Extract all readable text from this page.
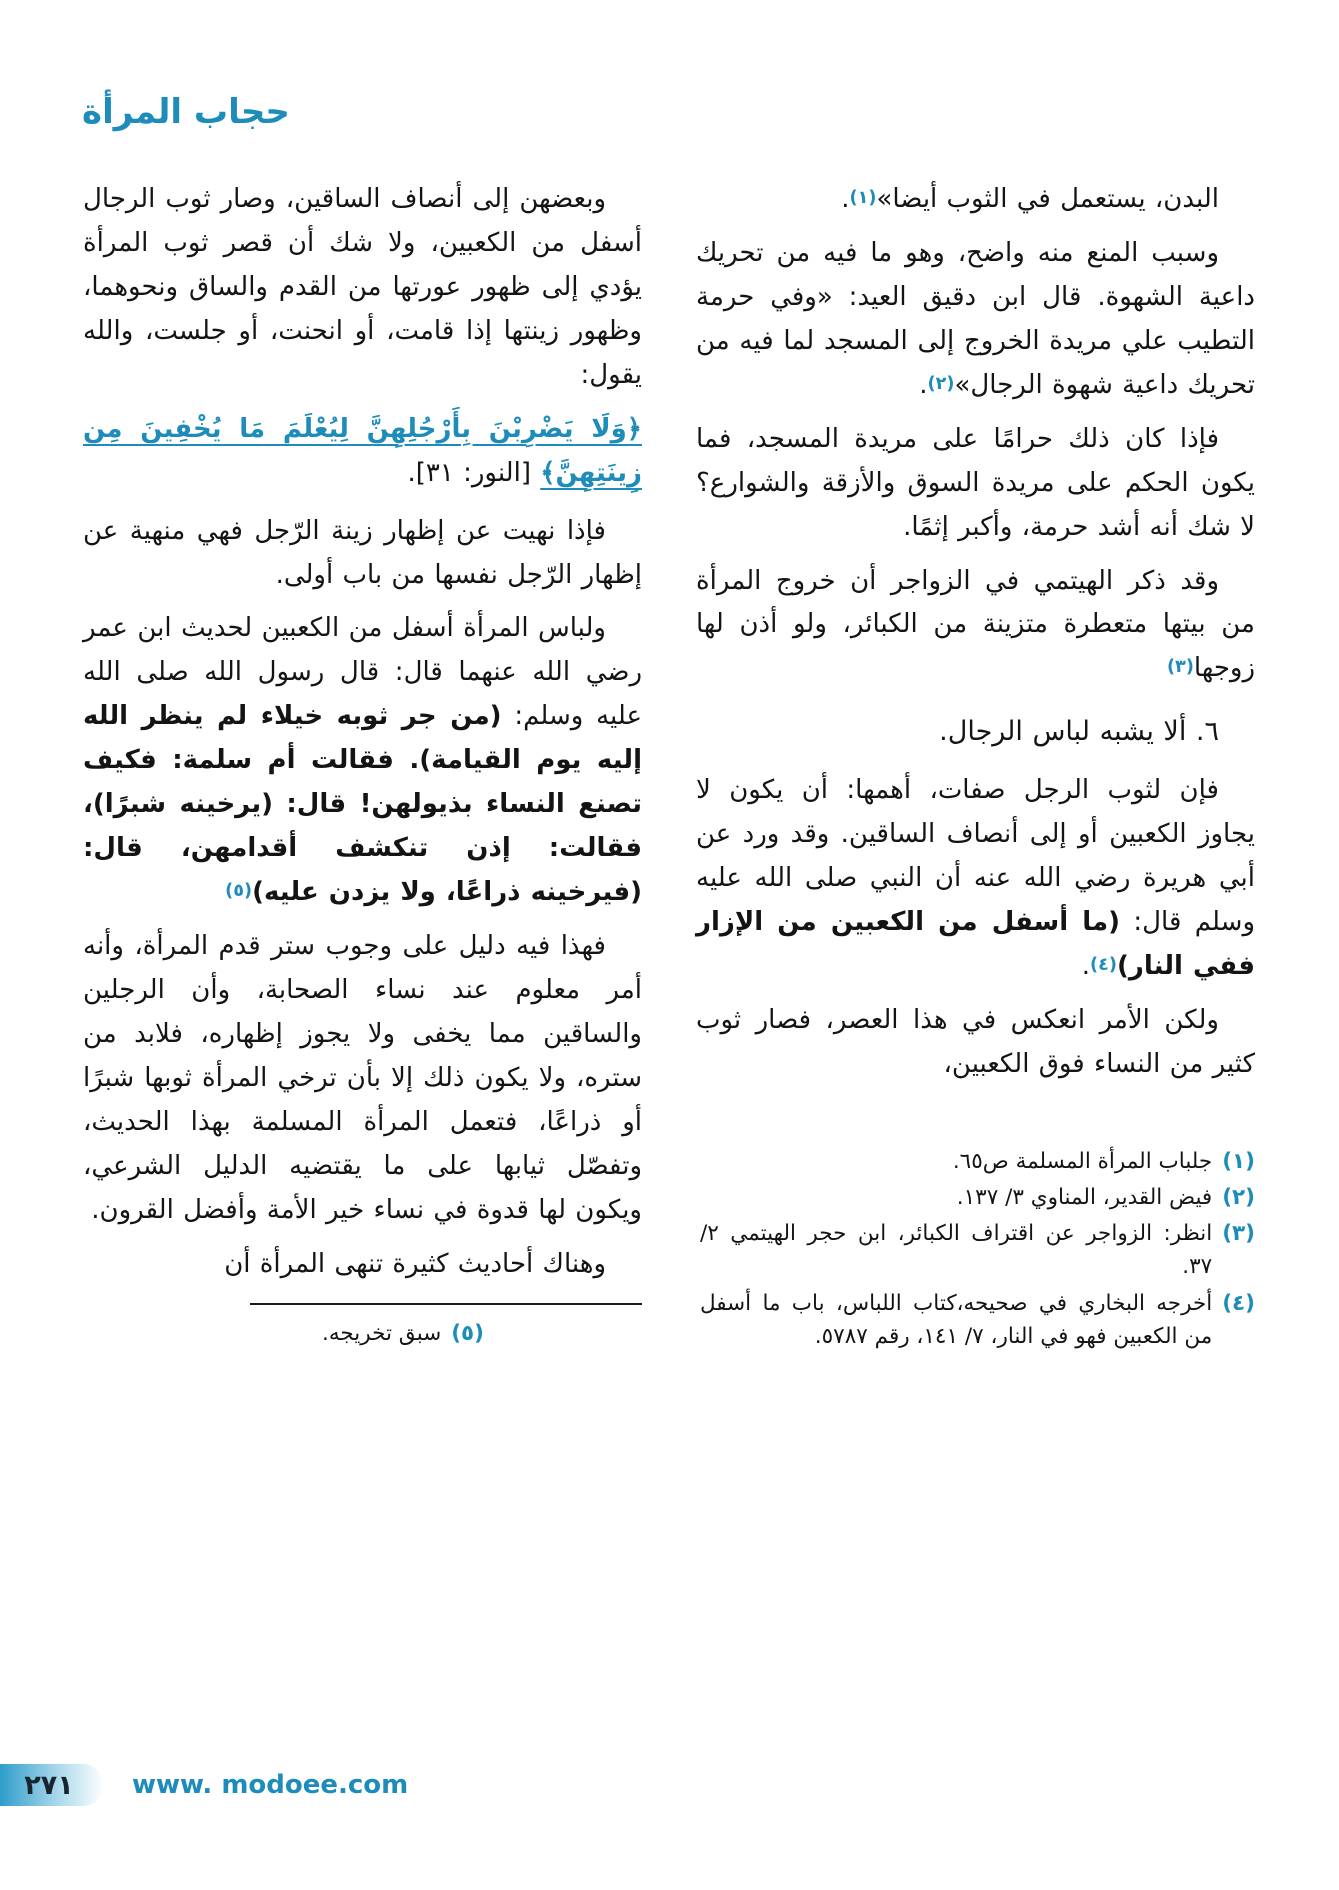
حجاب المرأة
البدن، يستعمل في الثوب أيضا»(١).
وسبب المنع منه واضح، وهو ما فيه من تحريك داعية الشهوة. قال ابن دقيق العيد: «وفي حرمة التطيب علي مريدة الخروج إلى المسجد لما فيه من تحريك داعية شهوة الرجال»(٢).
فإذا كان ذلك حرامًا على مريدة المسجد، فما يكون الحكم على مريدة السوق والأزقة والشوارع؟ لا شك أنه أشد حرمة، وأكبر إثمًا.
وقد ذكر الهيتمي في الزواجر أن خروج المرأة من بيتها متعطرة متزينة من الكبائر، ولو أذن لها زوجها(٣)
٦. ألا يشبه لباس الرجال.
فإن لثوب الرجل صفات، أهمها: أن يكون لا يجاوز الكعبين أو إلى أنصاف الساقين. وقد ورد عن أبي هريرة رضي الله عنه أن النبي صلى الله عليه وسلم قال: (ما أسفل من الكعبين من الإزار ففي النار)(٤).
ولكن الأمر انعكس في هذا العصر، فصار ثوب كثير من النساء فوق الكعبين،
(١)
جلباب المرأة المسلمة ص٦٥.
(٢)
فيض القدير، المناوي ٣/ ١٣٧.
(٣)
انظر: الزواجر عن اقتراف الكبائر، ابن حجر الهيتمي ٢/ ٣٧.
(٤)
أخرجه البخاري في صحيحه،كتاب اللباس، باب ما أسفل من الكعبين فهو في النار، ٧/ ١٤١، رقم ٥٧٨٧.
وبعضهن إلى أنصاف الساقين، وصار ثوب الرجال أسفل من الكعبين، ولا شك أن قصر ثوب المرأة يؤدي إلى ظهور عورتها من القدم والساق ونحوهما، وظهور زينتها إذا قامت، أو انحنت، أو جلست، والله يقول:
﴿وَلَا يَضْرِبْنَ بِأَرْجُلِهِنَّ لِيُعْلَمَ مَا يُخْفِينَ مِن زِينَتِهِنَّ﴾ [النور: ٣١].
فإذا نهيت عن إظهار زينة الرّجل فهي منهية عن إظهار الرّجل نفسها من باب أولى.
ولباس المرأة أسفل من الكعبين لحديث ابن عمر رضي الله عنهما قال: قال رسول الله صلى الله عليه وسلم: (من جر ثوبه خيلاء لم ينظر الله إليه يوم القيامة). فقالت أم سلمة: فكيف تصنع النساء بذيولهن! قال: (يرخينه شبرًا)، فقالت: إذن تنكشف أقدامهن، قال: (فيرخينه ذراعًا، ولا يزدن عليه)(٥)
فهذا فيه دليل على وجوب ستر قدم المرأة، وأنه أمر معلوم عند نساء الصحابة، وأن الرجلين والساقين مما يخفى ولا يجوز إظهاره، فلابد من ستره، ولا يكون ذلك إلا بأن ترخي المرأة ثوبها شبرًا أو ذراعًا، فتعمل المرأة المسلمة بهذا الحديث، وتفصّل ثيابها على ما يقتضيه الدليل الشرعي، ويكون لها قدوة في نساء خير الأمة وأفضل القرون.
وهناك أحاديث كثيرة تنهى المرأة أن
(٥)
سبق تخريجه.
٢٧١ www. modoee.com
